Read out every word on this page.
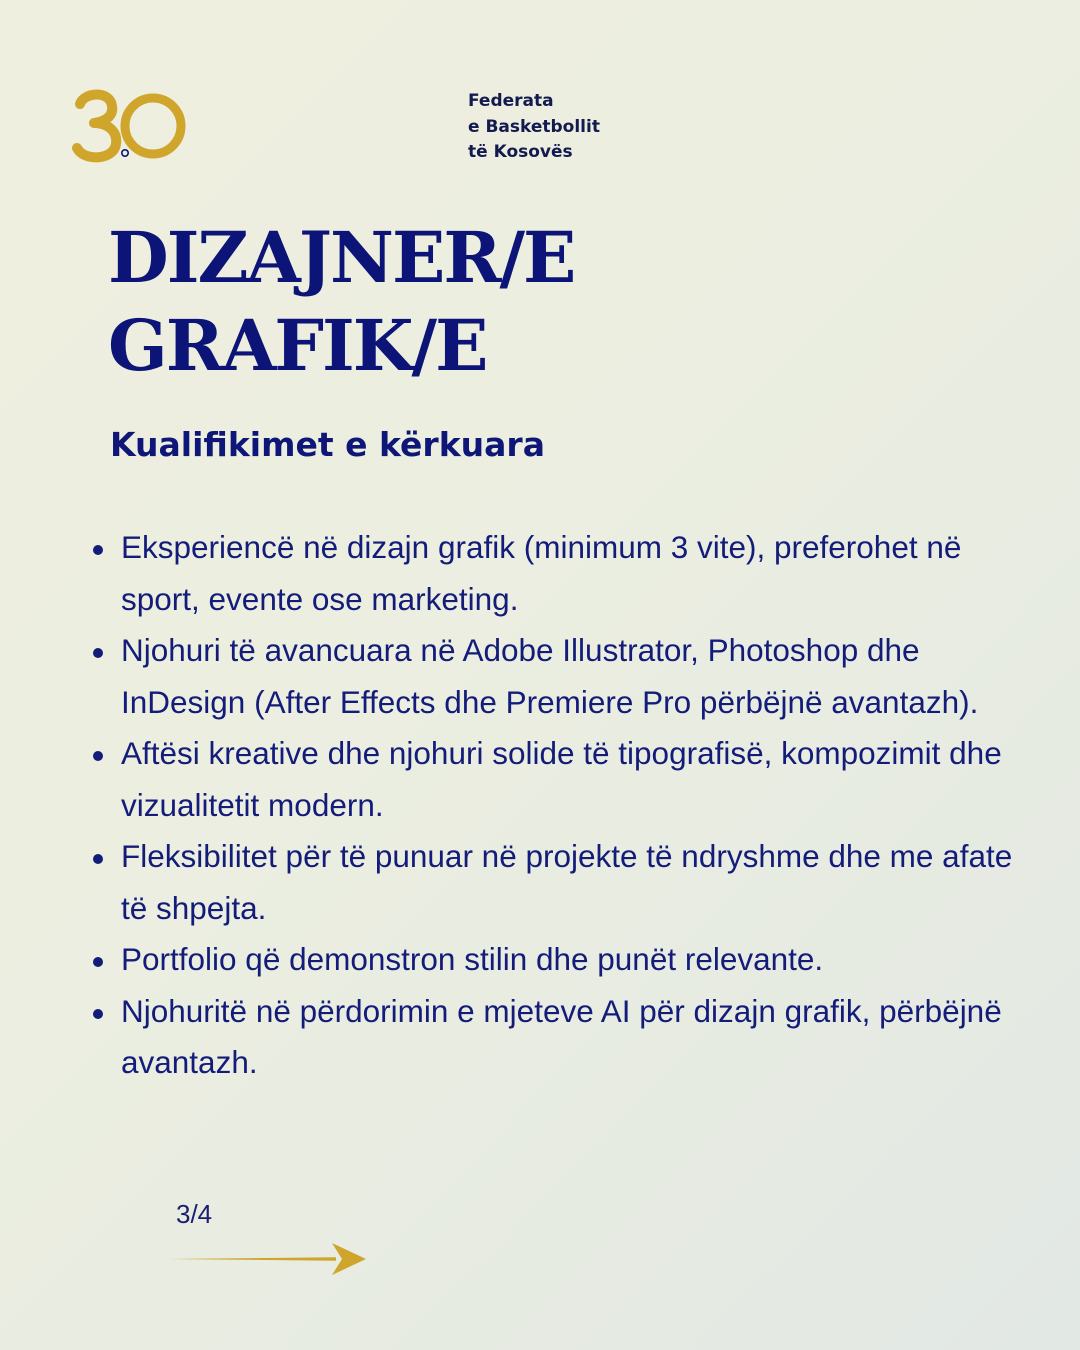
Federata
e Basketbollit
të Kosovës
DIZAJNER/E
GRAFIK/E
Kualifikimet e kërkuara
Eksperiencë në dizajn grafik (minimum 3 vite), preferohet në sport, evente ose marketing.
Njohuri të avancuara në Adobe Illustrator, Photoshop dhe InDesign (After Effects dhe Premiere Pro përbëjnë avantazh).
Aftësi kreative dhe njohuri solide të tipografisë, kompozimit dhe vizualitetit modern.
Fleksibilitet për të punuar në projekte të ndryshme dhe me afate të shpejta.
Portfolio që demonstron stilin dhe punët relevante.
Njohuritë në përdorimin e mjeteve AI për dizajn grafik, përbëjnë avantazh.
3/4
